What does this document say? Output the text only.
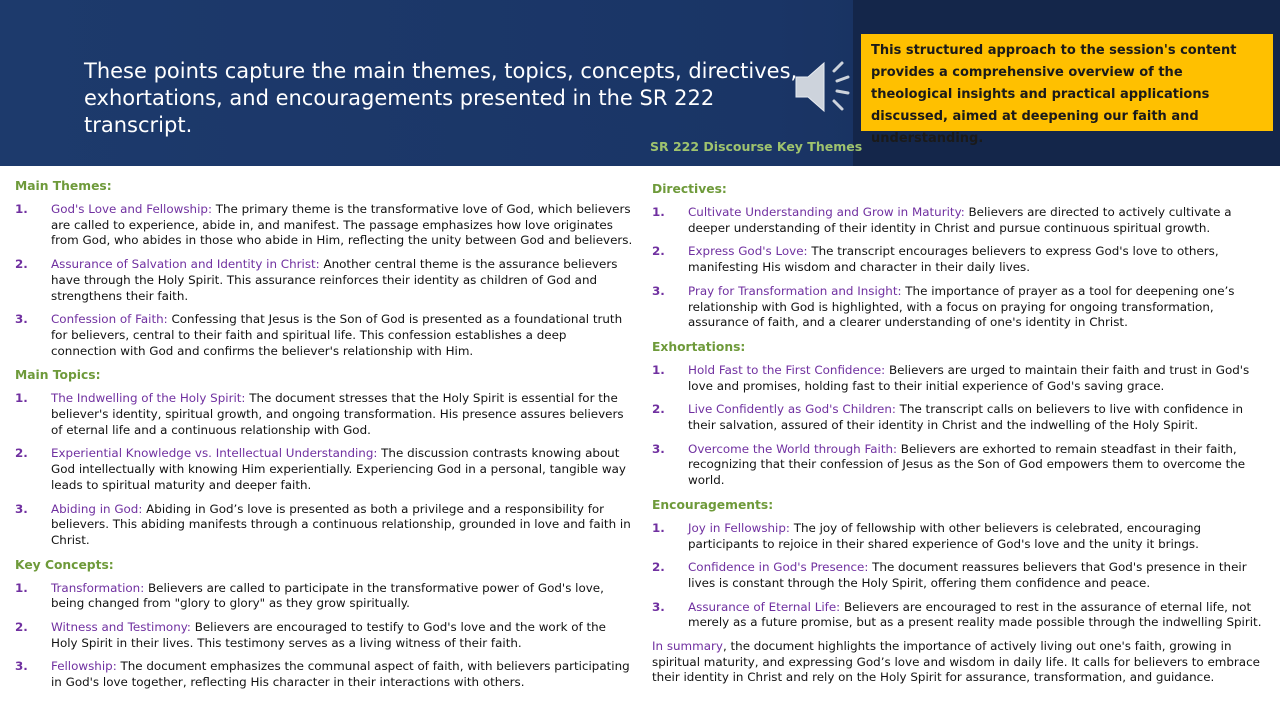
These points capture the main themes, topics, concepts, directives, exhortations, and encouragements presented in the SR 222 transcript.
This structured approach to the session's content provides a comprehensive overview of the theological insights and practical applications discussed, aimed at deepening our faith and understanding.
SR 222 Discourse Key Themes
Main Themes:
1.	God's Love and Fellowship: The primary theme is the transformative love of God, which believers are called to experience, abide in, and manifest. The passage emphasizes how love originates from God, who abides in those who abide in Him, reflecting the unity between God and believers.
2.	Assurance of Salvation and Identity in Christ: Another central theme is the assurance believers have through the Holy Spirit. This assurance reinforces their identity as children of God and strengthens their faith.
3.	Confession of Faith: Confessing that Jesus is the Son of God is presented as a foundational truth for believers, central to their faith and spiritual life. This confession establishes a deep connection with God and confirms the believer's relationship with Him.
Main Topics:
1.	The Indwelling of the Holy Spirit: The document stresses that the Holy Spirit is essential for the believer's identity, spiritual growth, and ongoing transformation. His presence assures believers of eternal life and a continuous relationship with God.
2.	Experiential Knowledge vs. Intellectual Understanding: The discussion contrasts knowing about God intellectually with knowing Him experientially. Experiencing God in a personal, tangible way leads to spiritual maturity and deeper faith.
3.	Abiding in God: Abiding in God’s love is presented as both a privilege and a responsibility for believers. This abiding manifests through a continuous relationship, grounded in love and faith in Christ.
Key Concepts:
1.	Transformation: Believers are called to participate in the transformative power of God's love, being changed from "glory to glory" as they grow spiritually.
2.	Witness and Testimony: Believers are encouraged to testify to God's love and the work of the Holy Spirit in their lives. This testimony serves as a living witness of their faith.
3.	Fellowship: The document emphasizes the communal aspect of faith, with believers participating in God's love together, reflecting His character in their interactions with others.
Directives:
1.	Cultivate Understanding and Grow in Maturity: Believers are directed to actively cultivate a deeper understanding of their identity in Christ and pursue continuous spiritual growth.
2.	Express God's Love: The transcript encourages believers to express God's love to others, manifesting His wisdom and character in their daily lives.
3.	Pray for Transformation and Insight: The importance of prayer as a tool for deepening one’s relationship with God is highlighted, with a focus on praying for ongoing transformation, assurance of faith, and a clearer understanding of one's identity in Christ.
Exhortations:
1.	Hold Fast to the First Confidence: Believers are urged to maintain their faith and trust in God's love and promises, holding fast to their initial experience of God's saving grace.
2.	Live Confidently as God's Children: The transcript calls on believers to live with confidence in their salvation, assured of their identity in Christ and the indwelling of the Holy Spirit.
3.	Overcome the World through Faith: Believers are exhorted to remain steadfast in their faith, recognizing that their confession of Jesus as the Son of God empowers them to overcome the world.
Encouragements:
1.	Joy in Fellowship: The joy of fellowship with other believers is celebrated, encouraging participants to rejoice in their shared experience of God's love and the unity it brings.
2.	Confidence in God's Presence: The document reassures believers that God's presence in their lives is constant through the Holy Spirit, offering them confidence and peace.
3.	Assurance of Eternal Life: Believers are encouraged to rest in the assurance of eternal life, not merely as a future promise, but as a present reality made possible through the indwelling Spirit.
In summary, the document highlights the importance of actively living out one's faith, growing in spiritual maturity, and expressing God’s love and wisdom in daily life. It calls for believers to embrace their identity in Christ and rely on the Holy Spirit for assurance, transformation, and guidance.
